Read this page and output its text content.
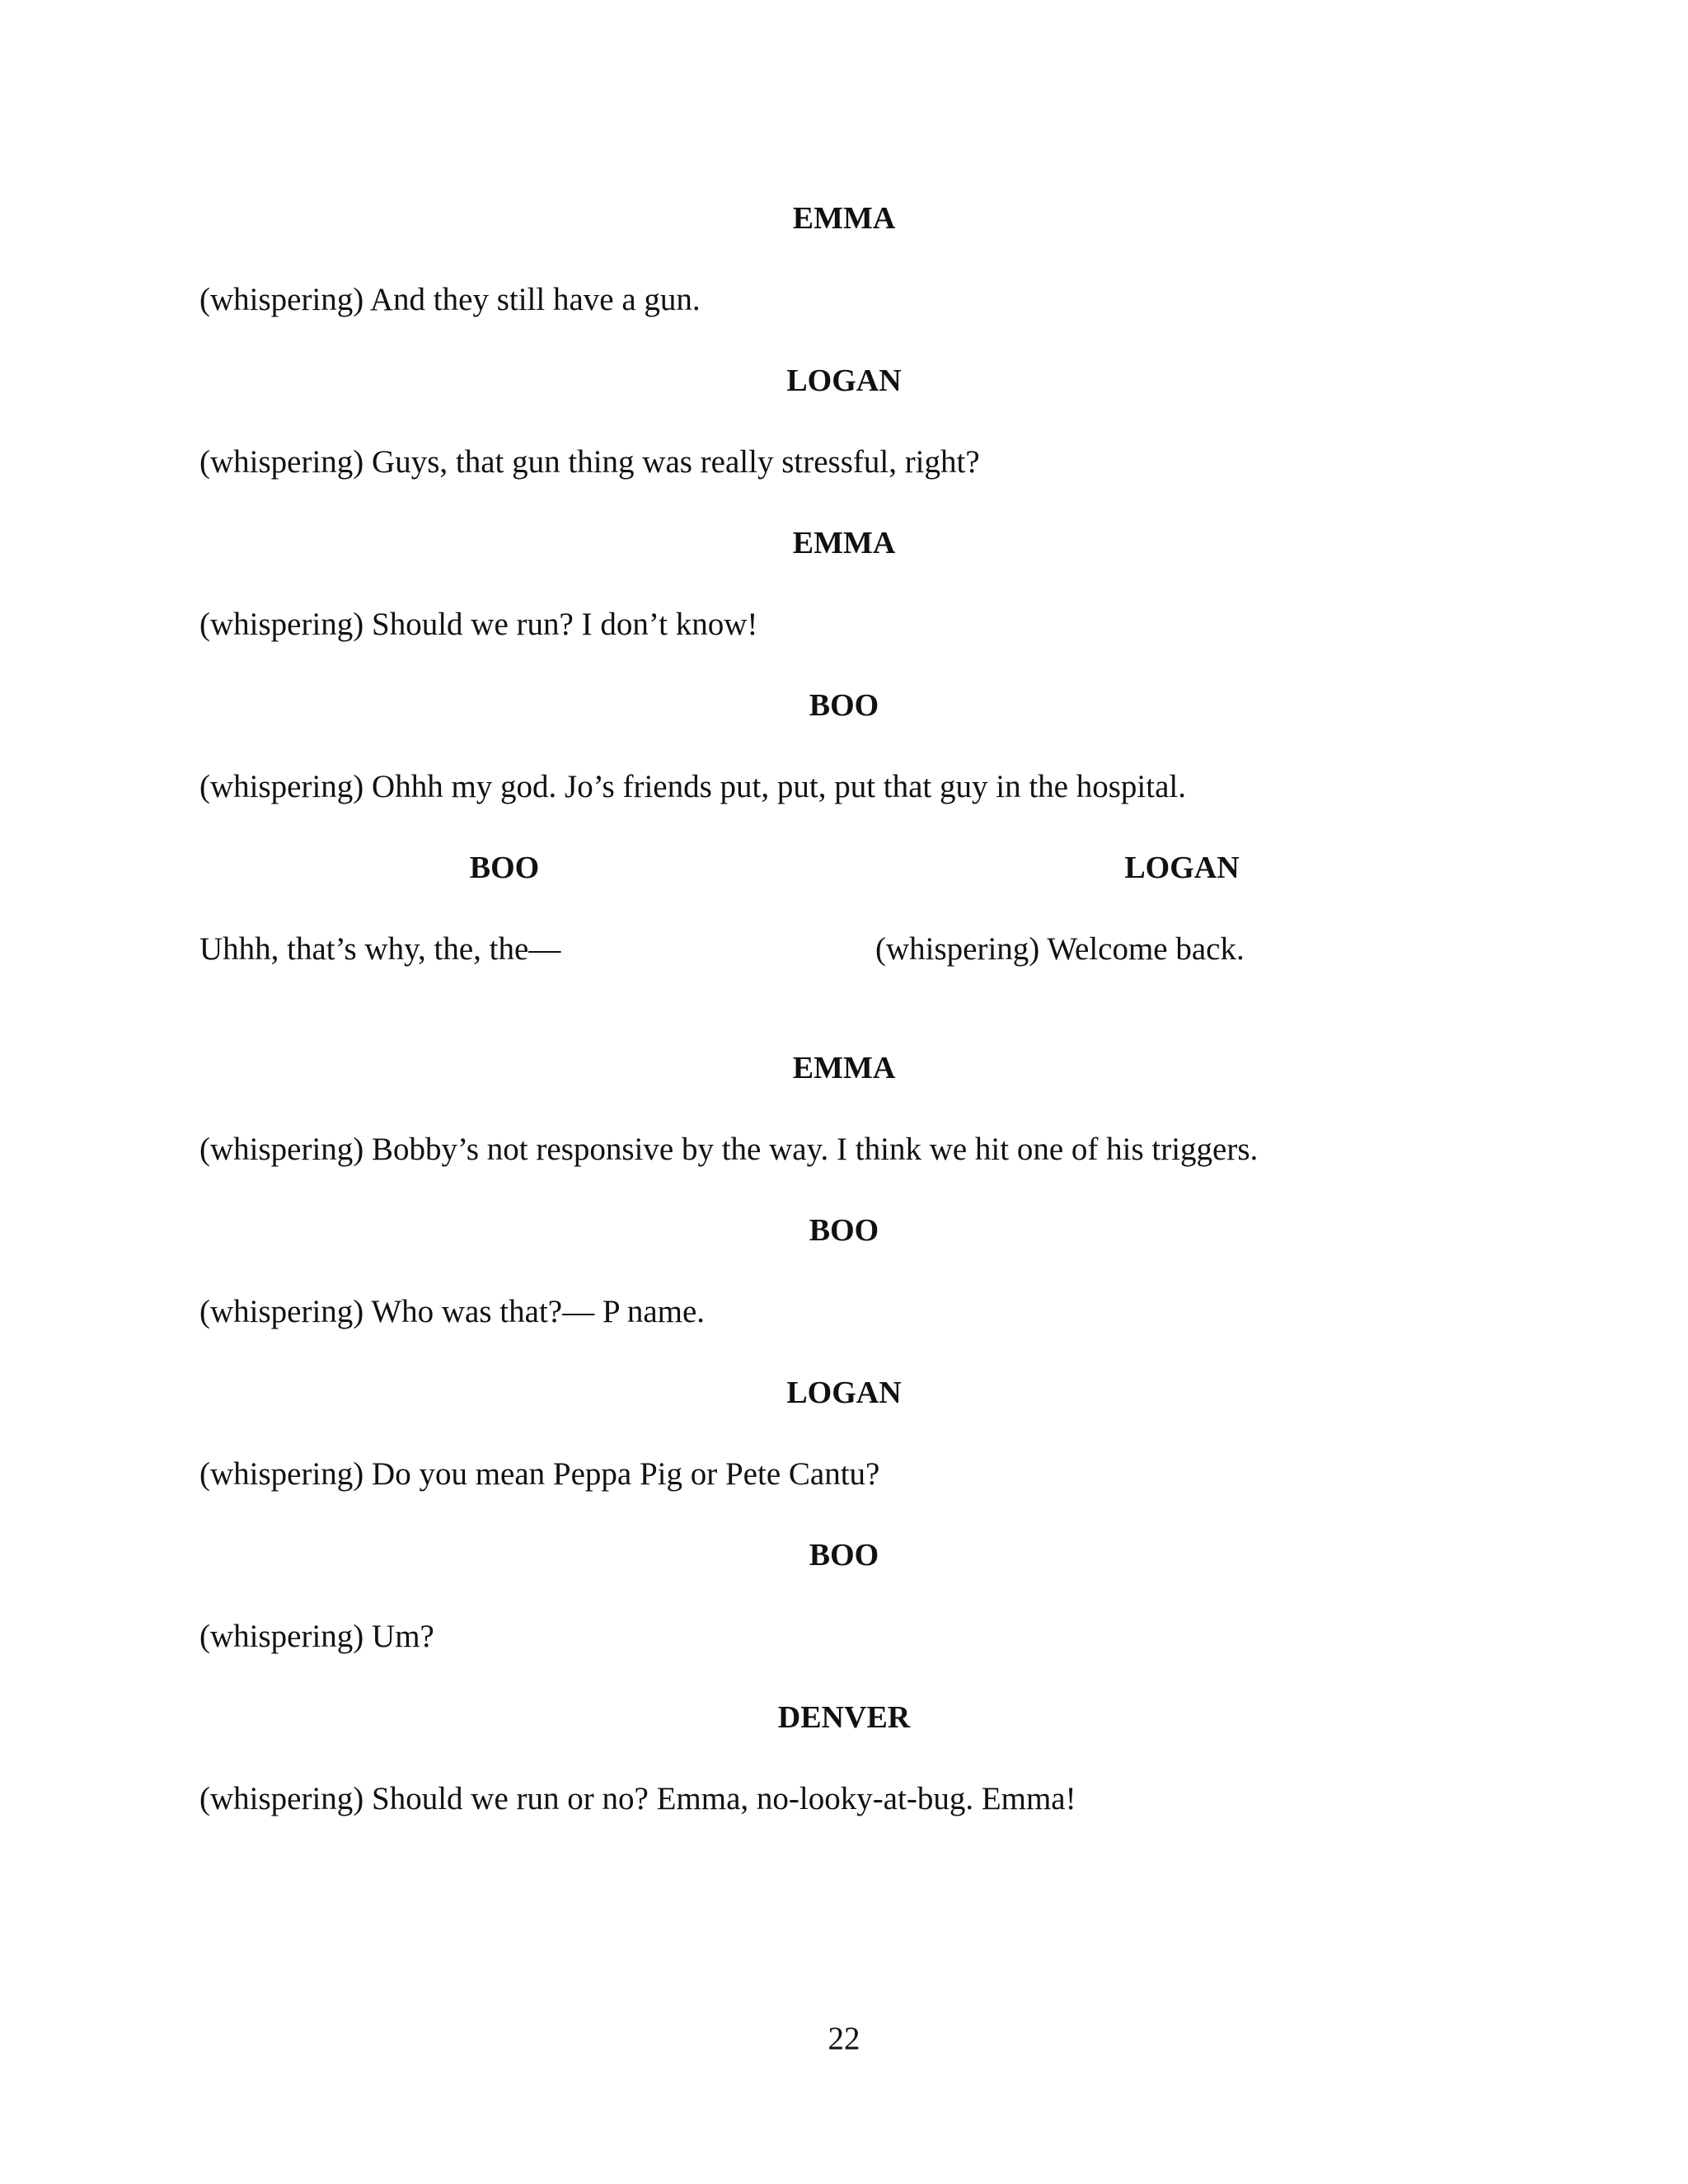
EMMA
(whispering) And they still have a gun.
LOGAN
(whispering) Guys, that gun thing was really stressful, right?
EMMA
(whispering) Should we run? I don’t know!
BOO
(whispering) Ohhh my god. Jo’s friends put, put, put that guy in the hospital.
BOO
Uhhh, that’s why, the, the—
LOGAN
(whispering) Welcome back.
EMMA
(whispering) Bobby’s not responsive by the way. I think we hit one of his triggers.
BOO
(whispering) Who was that?— P name.
LOGAN
(whispering) Do you mean Peppa Pig or Pete Cantu?
BOO
(whispering) Um?
DENVER
(whispering) Should we run or no? Emma, no-looky-at-bug. Emma!
22
